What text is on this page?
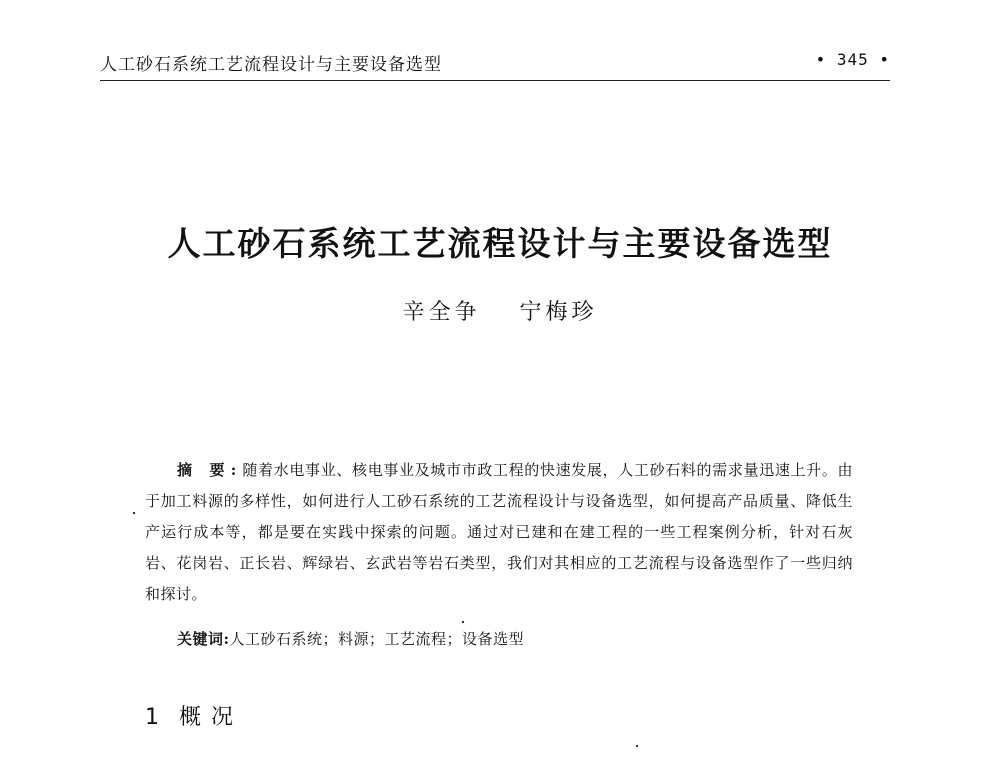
人工砂石系统工艺流程设计与主要设备选型	• 345 •
人工砂石系统工艺流程设计与主要设备选型
辛全争 宁梅珍
摘 要:随着水电事业、核电事业及城市市政工程的快速发展，人工砂石料的需求量迅速上升。由于加工料源的多样性，如何进行人工砂石系统的工艺流程设计与设备选型，如何提高产品质量、降低生产运行成本等，都是要在实践中探索的问题。通过对已建和在建工程的一些工程案例分析，针对石灰岩、花岗岩、正长岩、辉绿岩、玄武岩等岩石类型，我们对其相应的工艺流程与设备选型作了一些归纳和探讨。
关键词:人工砂石系统；料源；工艺流程；设备选型
1 概况
